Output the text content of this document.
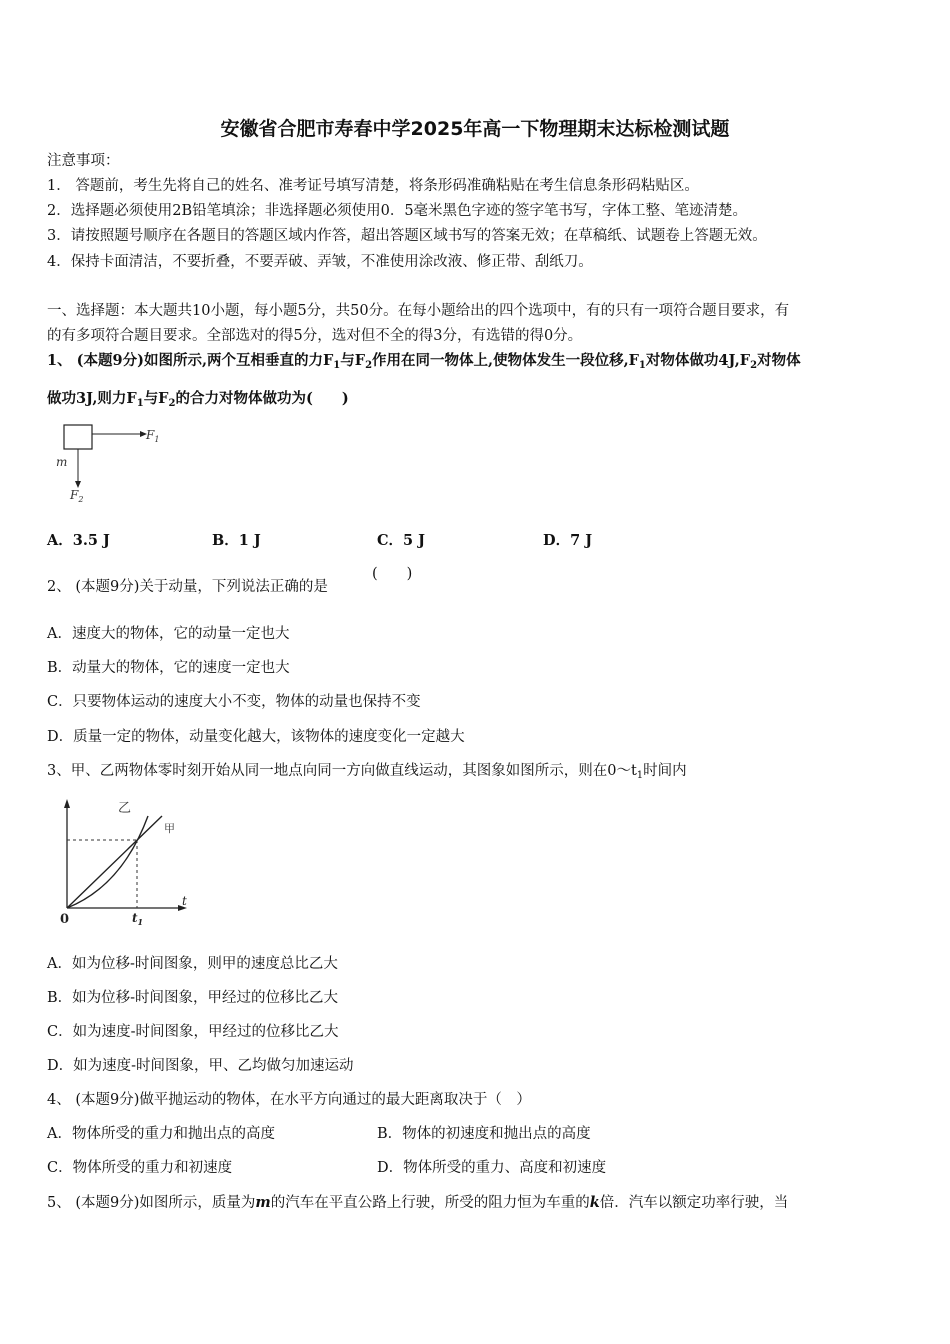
安徽省合肥市寿春中学2025年高一下物理期末达标检测试题
注意事项：
1． 答题前，考生先将自己的姓名、准考证号填写清楚，将条形码准确粘贴在考生信息条形码粘贴区。
2．选择题必须使用2B铅笔填涂；非选择题必须使用0．5毫米黑色字迹的签字笔书写，字体工整、笔迹清楚。
3．请按照题号顺序在各题目的答题区域内作答，超出答题区域书写的答案无效；在草稿纸、试题卷上答题无效。
4．保持卡面清洁，不要折叠，不要弄破、弄皱，不准使用涂改液、修正带、刮纸刀。
一、选择题：本大题共10小题，每小题5分，共50分。在每小题给出的四个选项中，有的只有一项符合题目要求，有
的有多项符合题目要求。全部选对的得5分，选对但不全的得3分，有选错的得0分。
1、 (本题9分)如图所示,两个互相垂直的力$F_1$与$F_2$作用在同一物体上,使物体发生一段位移$,F_1$对物体做功$4J,F_2$对物体
做功3J,则力$F_1$与$F_2$的合力对物体做功为(　　)
$F_1$
m
$F_2$
A．3.5 J	B．1 J	C．5 J	D．7 J
2、 (本题9分)关于动量，下列说法正确的是
(　　)
A．速度大的物体，它的动量一定也大
B．动量大的物体，它的速度一定也大
C．只要物体运动的速度大小不变，物体的动量也保持不变
D．质量一定的物体，动量变化越大，该物体的速度变化一定越大
3、甲、乙两物体零时刻开始从同一地点向同一方向做直线运动，其图象如图所示，则在$0\sim t_1$时间内
乙
甲
0	$t_1$
t
A．如为位移-时间图象，则甲的速度总比乙大
B．如为位移-时间图象，甲经过的位移比乙大
C．如为速度-时间图象，甲经过的位移比乙大
D．如为速度-时间图象，甲、乙均做匀加速运动
4、 (本题9分)做平抛运动的物体，在水平方向通过的最大距离取决于（　）
A．物体所受的重力和抛出点的高度	B．物体的初速度和抛出点的高度
C．物体所受的重力和初速度	D．物体所受的重力、高度和初速度
5、 (本题9分)如图所示，质量为m的汽车在平直公路上行驶，所受的阻力恒为车重的k倍．汽车以额定功率行驶，当
